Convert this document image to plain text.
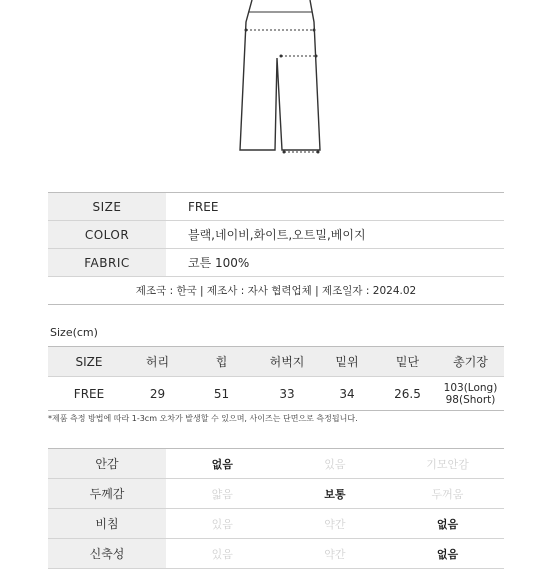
SIZE	FREE
COLOR	블랙,네이비,화이트,오트밀,베이지
FABRIC	코튼 100%
제조국 : 한국 | 제조사 : 자사 협력업체 | 제조일자 : 2024.02
Size(cm)
SIZE	허리	힙	허벅지	밑위	밑단	총기장
FREE	29	51	33	34	26.5	103(Long)
98(Short)
*제품 측정 방법에 따라 1-3cm 오차가 발생할 수 있으며, 사이즈는 단면으로 측정됩니다.
안감	없음	있음	기모안감
두께감	얇음	보통	두꺼움
비침	있음	약간	없음
신축성	있음	약간	없음
